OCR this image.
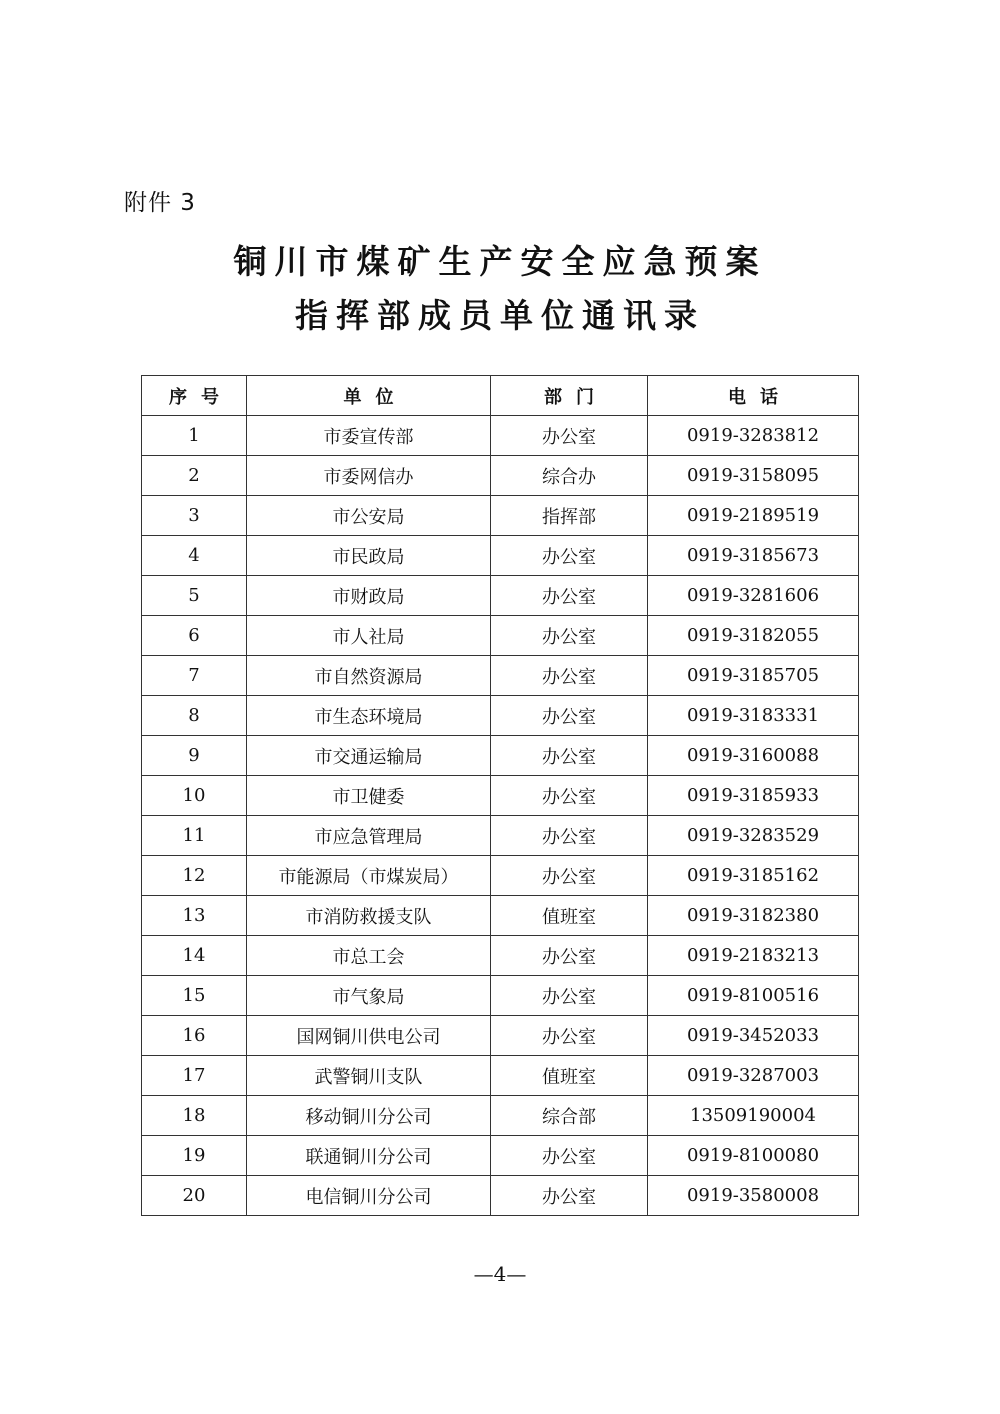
附件 3
铜川市煤矿生产安全应急预案
指挥部成员单位通讯录
序号	单位	部门	电话
1	市委宣传部	办公室	0919-3283812
2	市委网信办	综合办	0919-3158095
3	市公安局	指挥部	0919-2189519
4	市民政局	办公室	0919-3185673
5	市财政局	办公室	0919-3281606
6	市人社局	办公室	0919-3182055
7	市自然资源局	办公室	0919-3185705
8	市生态环境局	办公室	0919-3183331
9	市交通运输局	办公室	0919-3160088
10	市卫健委	办公室	0919-3185933
11	市应急管理局	办公室	0919-3283529
12	市能源局（市煤炭局）	办公室	0919-3185162
13	市消防救援支队	值班室	0919-3182380
14	市总工会	办公室	0919-2183213
15	市气象局	办公室	0919-8100516
16	国网铜川供电公司	办公室	0919-3452033
17	武警铜川支队	值班室	0919-3287003
18	移动铜川分公司	综合部	13509190004
19	联通铜川分公司	办公室	0919-8100080
20	电信铜川分公司	办公室	0919-3580008
—4—
